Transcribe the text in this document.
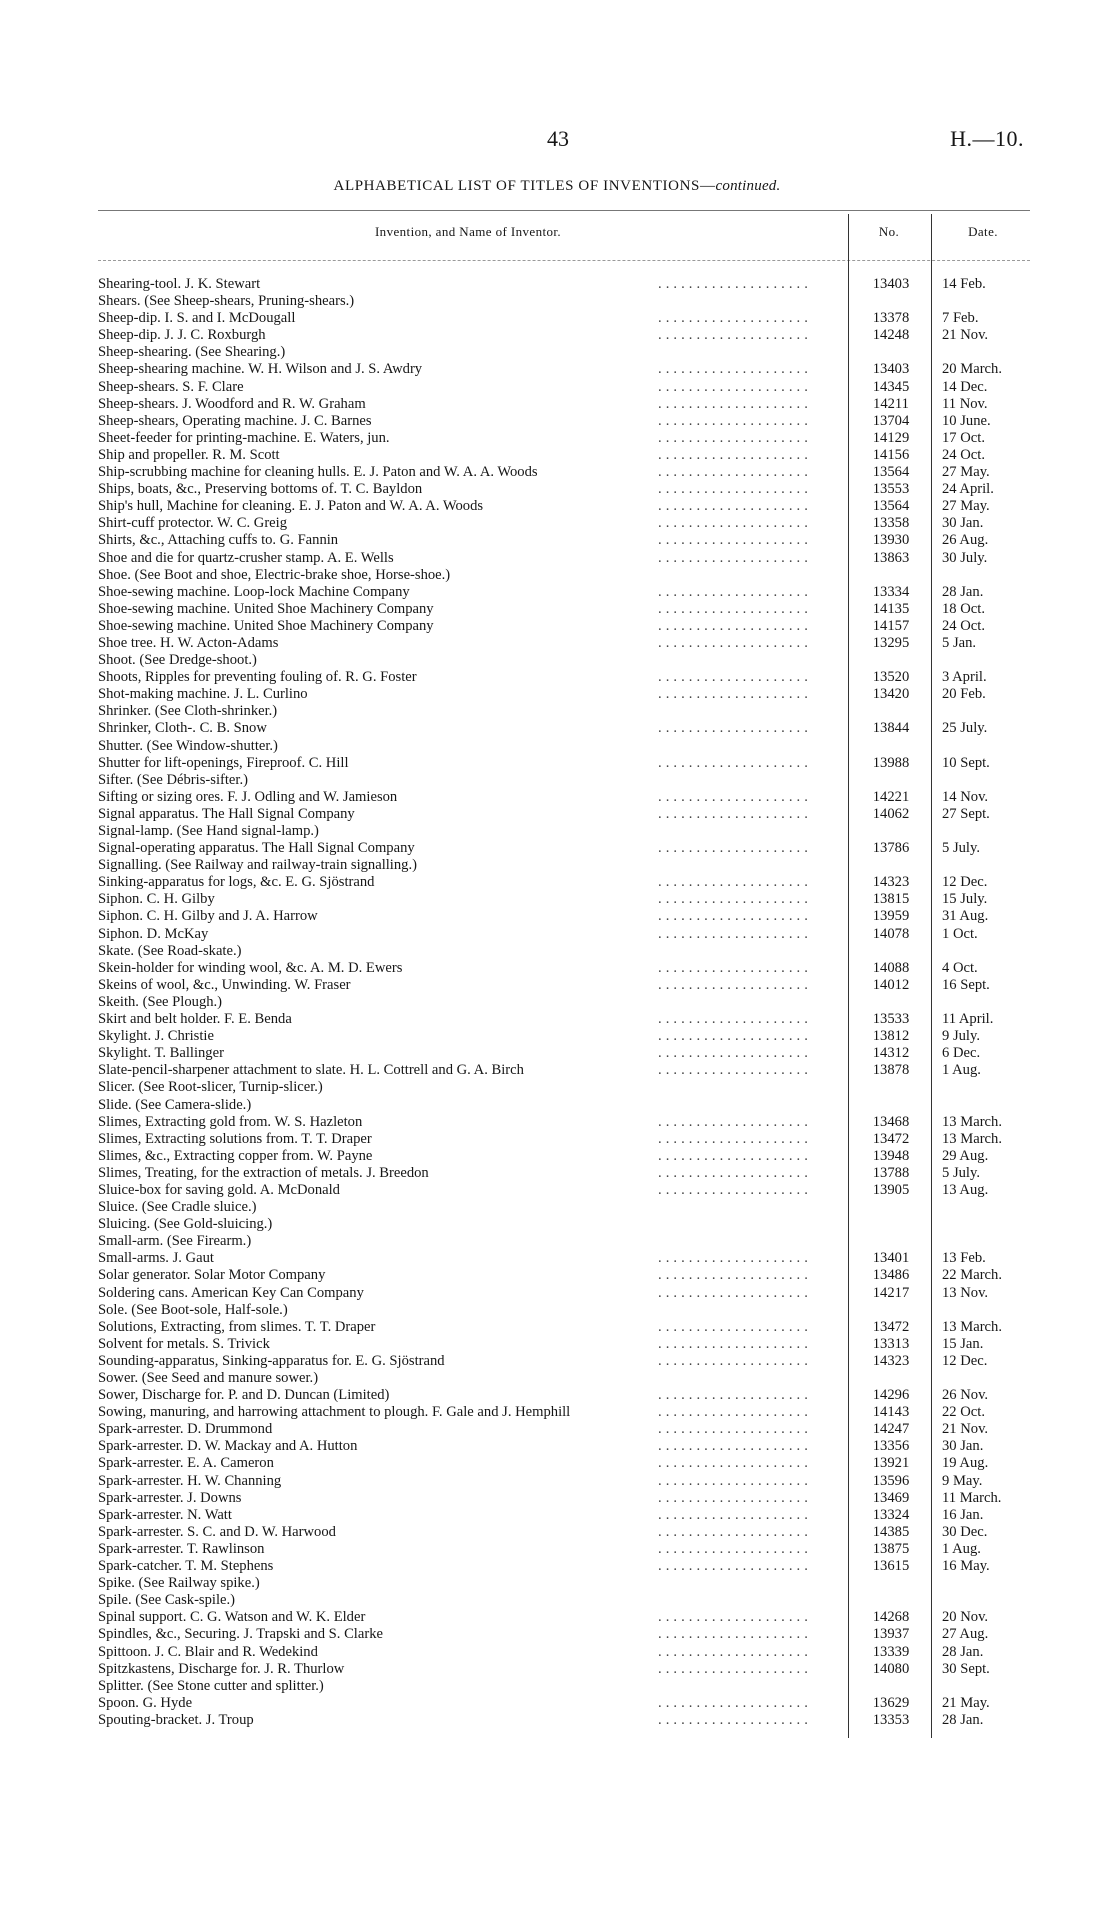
43	H.—10.
ALPHABETICAL LIST OF TITLES OF INVENTIONS—continued.
Invention, and Name of Inventor.	No.	Date.
. . . . . . . . . . . . . . . . . . . .
Shearing-tool. J. K. Stewart	13403	14 Feb.
Shears. (See Sheep-shears, Pruning-shears.)
. . . . . . . . . . . . . . . . . . . .
Sheep-dip. I. S. and I. McDougall	13378	7 Feb.
. . . . . . . . . . . . . . . . . . . .
Sheep-dip. J. J. C. Roxburgh	14248	21 Nov.
Sheep-shearing. (See Shearing.)
. . . . . . . . . . . . . . . . . . . .
Sheep-shearing machine. W. H. Wilson and J. S. Awdry	13403	20 March.
. . . . . . . . . . . . . . . . . . . .
Sheep-shears. S. F. Clare	14345	14 Dec.
. . . . . . . . . . . . . . . . . . . .
Sheep-shears. J. Woodford and R. W. Graham	14211	11 Nov.
. . . . . . . . . . . . . . . . . . . .
Sheep-shears, Operating machine. J. C. Barnes	13704	10 June.
. . . . . . . . . . . . . . . . . . . .
Sheet-feeder for printing-machine. E. Waters, jun.	14129	17 Oct.
. . . . . . . . . . . . . . . . . . . .
Ship and propeller. R. M. Scott	14156	24 Oct.
. . . . . . . . . . . . . . . . . . . .
Ship-scrubbing machine for cleaning hulls. E. J. Paton and W. A. A. Woods	13564	27 May.
. . . . . . . . . . . . . . . . . . . .
Ships, boats, &c., Preserving bottoms of. T. C. Bayldon	13553	24 April.
. . . . . . . . . . . . . . . . . . . .
Ship's hull, Machine for cleaning. E. J. Paton and W. A. A. Woods	13564	27 May.
. . . . . . . . . . . . . . . . . . . .
Shirt-cuff protector. W. C. Greig	13358	30 Jan.
. . . . . . . . . . . . . . . . . . . .
Shirts, &c., Attaching cuffs to. G. Fannin	13930	26 Aug.
. . . . . . . . . . . . . . . . . . . .
Shoe and die for quartz-crusher stamp. A. E. Wells	13863	30 July.
Shoe. (See Boot and shoe, Electric-brake shoe, Horse-shoe.)
. . . . . . . . . . . . . . . . . . . .
Shoe-sewing machine. Loop-lock Machine Company	13334	28 Jan.
. . . . . . . . . . . . . . . . . . . .
Shoe-sewing machine. United Shoe Machinery Company	14135	18 Oct.
. . . . . . . . . . . . . . . . . . . .
Shoe-sewing machine. United Shoe Machinery Company	14157	24 Oct.
. . . . . . . . . . . . . . . . . . . .
Shoe tree. H. W. Acton-Adams	13295	5 Jan.
Shoot. (See Dredge-shoot.)
. . . . . . . . . . . . . . . . . . . .
Shoots, Ripples for preventing fouling of. R. G. Foster	13520	3 April.
. . . . . . . . . . . . . . . . . . . .
Shot-making machine. J. L. Curlino	13420	20 Feb.
Shrinker. (See Cloth-shrinker.)
. . . . . . . . . . . . . . . . . . . .
Shrinker, Cloth-. C. B. Snow	13844	25 July.
Shutter. (See Window-shutter.)
. . . . . . . . . . . . . . . . . . . .
Shutter for lift-openings, Fireproof. C. Hill	13988	10 Sept.
Sifter. (See Débris-sifter.)
. . . . . . . . . . . . . . . . . . . .
Sifting or sizing ores. F. J. Odling and W. Jamieson	14221	14 Nov.
. . . . . . . . . . . . . . . . . . . .
Signal apparatus. The Hall Signal Company	14062	27 Sept.
Signal-lamp. (See Hand signal-lamp.)
. . . . . . . . . . . . . . . . . . . .
Signal-operating apparatus. The Hall Signal Company	13786	5 July.
Signalling. (See Railway and railway-train signalling.)
. . . . . . . . . . . . . . . . . . . .
Sinking-apparatus for logs, &c. E. G. Sjöstrand	14323	12 Dec.
. . . . . . . . . . . . . . . . . . . .
Siphon. C. H. Gilby	13815	15 July.
. . . . . . . . . . . . . . . . . . . .
Siphon. C. H. Gilby and J. A. Harrow	13959	31 Aug.
. . . . . . . . . . . . . . . . . . . .
Siphon. D. McKay	14078	1 Oct.
Skate. (See Road-skate.)
. . . . . . . . . . . . . . . . . . . .
Skein-holder for winding wool, &c. A. M. D. Ewers	14088	4 Oct.
. . . . . . . . . . . . . . . . . . . .
Skeins of wool, &c., Unwinding. W. Fraser	14012	16 Sept.
Skeith. (See Plough.)
. . . . . . . . . . . . . . . . . . . .
Skirt and belt holder. F. E. Benda	13533	11 April.
. . . . . . . . . . . . . . . . . . . .
Skylight. J. Christie	13812	9 July.
. . . . . . . . . . . . . . . . . . . .
Skylight. T. Ballinger	14312	6 Dec.
. . . . . . . . . . . . . . . . . . . .
Slate-pencil-sharpener attachment to slate. H. L. Cottrell and G. A. Birch	13878	1 Aug.
Slicer. (See Root-slicer, Turnip-slicer.)
Slide. (See Camera-slide.)
. . . . . . . . . . . . . . . . . . . .
Slimes, Extracting gold from. W. S. Hazleton	13468	13 March.
. . . . . . . . . . . . . . . . . . . .
Slimes, Extracting solutions from. T. T. Draper	13472	13 March.
. . . . . . . . . . . . . . . . . . . .
Slimes, &c., Extracting copper from. W. Payne	13948	29 Aug.
. . . . . . . . . . . . . . . . . . . .
Slimes, Treating, for the extraction of metals. J. Breedon	13788	5 July.
. . . . . . . . . . . . . . . . . . . .
Sluice-box for saving gold. A. McDonald	13905	13 Aug.
Sluice. (See Cradle sluice.)
Sluicing. (See Gold-sluicing.)
Small-arm. (See Firearm.)
. . . . . . . . . . . . . . . . . . . .
Small-arms. J. Gaut	13401	13 Feb.
. . . . . . . . . . . . . . . . . . . .
Solar generator. Solar Motor Company	13486	22 March.
. . . . . . . . . . . . . . . . . . . .
Soldering cans. American Key Can Company	14217	13 Nov.
Sole. (See Boot-sole, Half-sole.)
. . . . . . . . . . . . . . . . . . . .
Solutions, Extracting, from slimes. T. T. Draper	13472	13 March.
. . . . . . . . . . . . . . . . . . . .
Solvent for metals. S. Trivick	13313	15 Jan.
. . . . . . . . . . . . . . . . . . . .
Sounding-apparatus, Sinking-apparatus for. E. G. Sjöstrand	14323	12 Dec.
Sower. (See Seed and manure sower.)
. . . . . . . . . . . . . . . . . . . .
Sower, Discharge for. P. and D. Duncan (Limited)	14296	26 Nov.
. . . . . . . . . . . . . . . . . . . .
Sowing, manuring, and harrowing attachment to plough. F. Gale and J. Hemphill	14143	22 Oct.
. . . . . . . . . . . . . . . . . . . .
Spark-arrester. D. Drummond	14247	21 Nov.
. . . . . . . . . . . . . . . . . . . .
Spark-arrester. D. W. Mackay and A. Hutton	13356	30 Jan.
. . . . . . . . . . . . . . . . . . . .
Spark-arrester. E. A. Cameron	13921	19 Aug.
. . . . . . . . . . . . . . . . . . . .
Spark-arrester. H. W. Channing	13596	9 May.
. . . . . . . . . . . . . . . . . . . .
Spark-arrester. J. Downs	13469	11 March.
. . . . . . . . . . . . . . . . . . . .
Spark-arrester. N. Watt	13324	16 Jan.
. . . . . . . . . . . . . . . . . . . .
Spark-arrester. S. C. and D. W. Harwood	14385	30 Dec.
. . . . . . . . . . . . . . . . . . . .
Spark-arrester. T. Rawlinson	13875	1 Aug.
. . . . . . . . . . . . . . . . . . . .
Spark-catcher. T. M. Stephens	13615	16 May.
Spike. (See Railway spike.)
Spile. (See Cask-spile.)
. . . . . . . . . . . . . . . . . . . .
Spinal support. C. G. Watson and W. K. Elder	14268	20 Nov.
. . . . . . . . . . . . . . . . . . . .
Spindles, &c., Securing. J. Trapski and S. Clarke	13937	27 Aug.
. . . . . . . . . . . . . . . . . . . .
Spittoon. J. C. Blair and R. Wedekind	13339	28 Jan.
. . . . . . . . . . . . . . . . . . . .
Spitzkastens, Discharge for. J. R. Thurlow	14080	30 Sept.
Splitter. (See Stone cutter and splitter.)
. . . . . . . . . . . . . . . . . . . .
Spoon. G. Hyde	13629	21 May.
. . . . . . . . . . . . . . . . . . . .
Spouting-bracket. J. Troup	13353	28 Jan.
